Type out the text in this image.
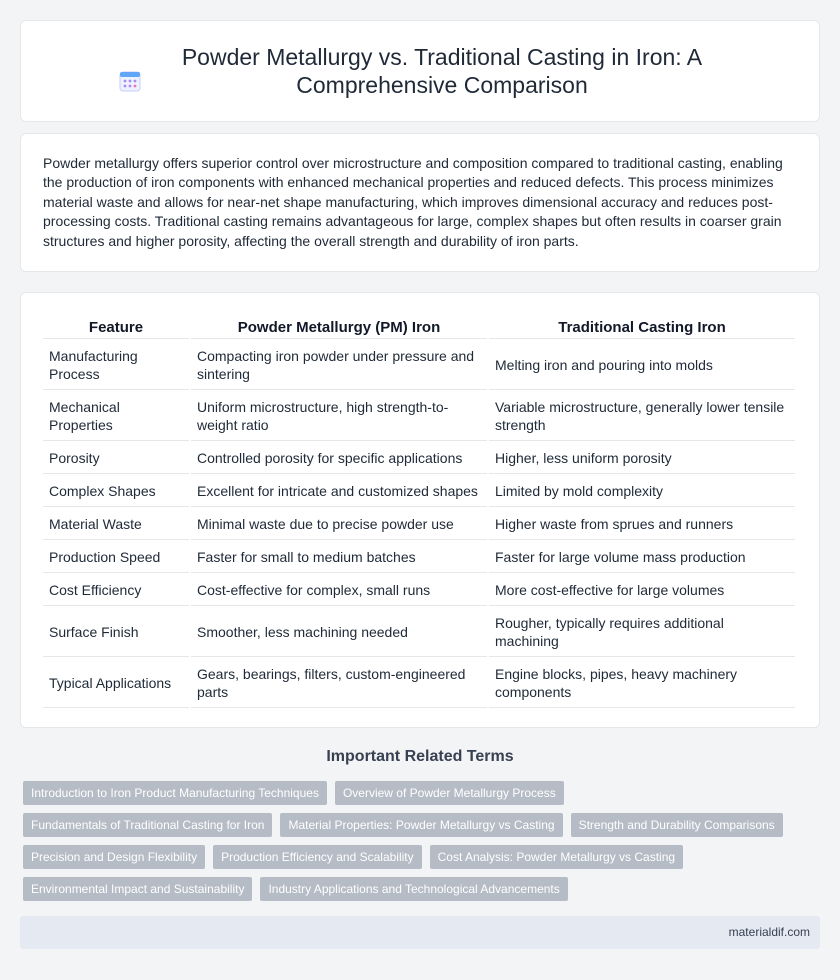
Powder Metallurgy vs. Traditional Casting in Iron: A Comprehensive Comparison

Powder metallurgy offers superior control over microstructure and composition compared to traditional casting, enabling the production of iron components with enhanced mechanical properties and reduced defects. This process minimizes material waste and allows for near-net shape manufacturing, which improves dimensional accuracy and reduces post-processing costs. Traditional casting remains advantageous for large, complex shapes but often results in coarser grain structures and higher porosity, affecting the overall strength and durability of iron parts.

Feature	Powder Metallurgy (PM) Iron	Traditional Casting Iron
Manufacturing Process	Compacting iron powder under pressure and sintering	Melting iron and pouring into molds
Mechanical Properties	Uniform microstructure, high strength-to-weight ratio	Variable microstructure, generally lower tensile strength
Porosity	Controlled porosity for specific applications	Higher, less uniform porosity
Complex Shapes	Excellent for intricate and customized shapes	Limited by mold complexity
Material Waste	Minimal waste due to precise powder use	Higher waste from sprues and runners
Production Speed	Faster for small to medium batches	Faster for large volume mass production
Cost Efficiency	Cost-effective for complex, small runs	More cost-effective for large volumes
Surface Finish	Smoother, less machining needed	Rougher, typically requires additional machining
Typical Applications	Gears, bearings, filters, custom-engineered parts	Engine blocks, pipes, heavy machinery components
Important Related Terms
Introduction to Iron Product Manufacturing Techniques	Overview of Powder Metallurgy Process
Fundamentals of Traditional Casting for Iron	Material Properties: Powder Metallurgy vs Casting	Strength and Durability Comparisons
Precision and Design Flexibility	Production Efficiency and Scalability	Cost Analysis: Powder Metallurgy vs Casting
Environmental Impact and Sustainability	Industry Applications and Technological Advancements
materialdif.com
